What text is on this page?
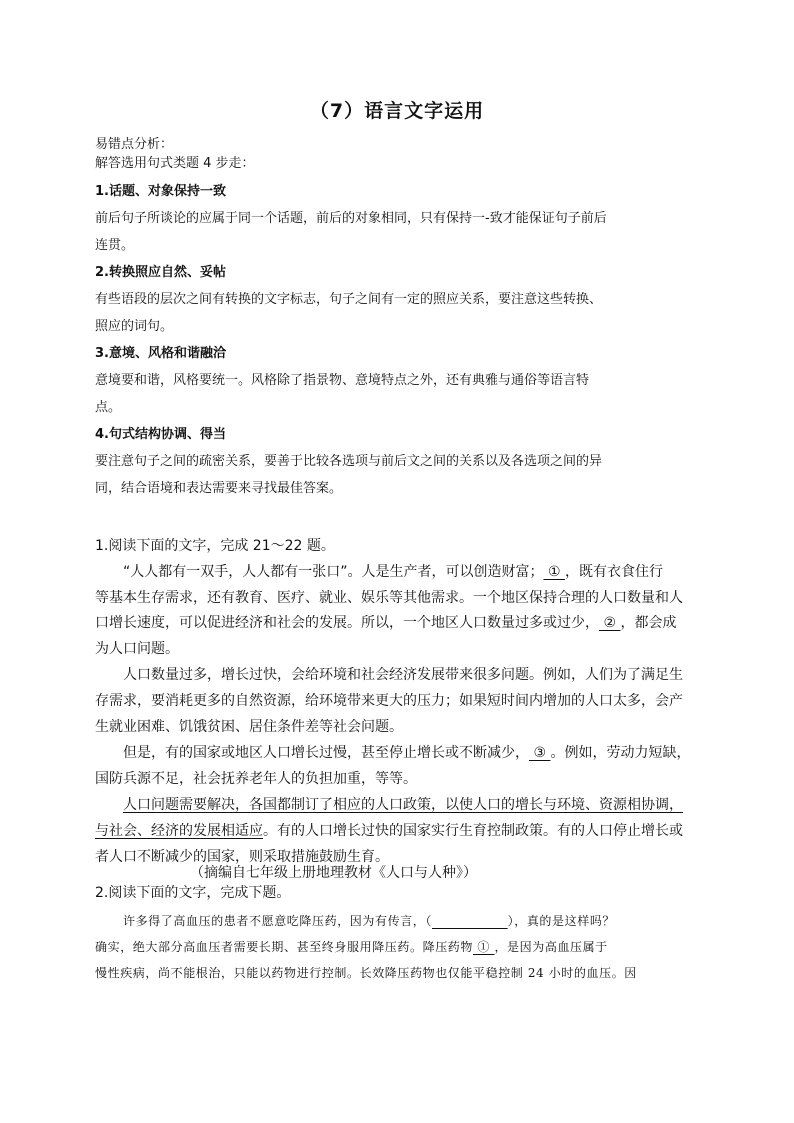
（7）语言文字运用
易错点分析：
解答选用句式类题 4 步走：
1.话题、对象保持一致
前后句子所谈论的应属于同一个话题，前后的对象相同，只有保持一-致才能保证句子前后
连贯。
2.转换照应自然、妥帖
有些语段的层次之间有转换的文字标志，句子之间有一定的照应关系，要注意这些转换、
照应的词句。
3.意境、风格和谐融洽
意境要和谐，风格要统一。风格除了指景物、意境特点之外，还有典雅与通俗等语言特
点。
4.句式结构协调、得当
要注意句子之间的疏密关系，要善于比较各选项与前后文之间的关系以及各选项之间的异
同，结合语境和表达需要来寻找最佳答案。
1.阅读下面的文字，完成 21～22 题。
　　“人人都有一双手，人人都有一张口”。人是生产者，可以创造财富； ① ，既有衣食住行
等基本生存需求，还有教育、医疗、就业、娱乐等其他需求。一个地区保持合理的人口数量和人
口增长速度，可以促进经济和社会的发展。所以，一个地区人口数量过多或过少， ② ，都会成
为人口问题。
　　人口数量过多，增长过快，会给环境和社会经济发展带来很多问题。例如，人们为了满足生
存需求，要消耗更多的自然资源，给环境带来更大的压力；如果短时间内增加的人口太多，会产
生就业困难、饥饿贫困、居住条件差等社会问题。
　　但是，有的国家或地区人口增长过慢，甚至停止增长或不断减少， ③ 。例如，劳动力短缺，
国防兵源不足，社会抚养老年人的负担加重，等等。
人口问题需要解决，各国都制订了相应的人口政策，以使人口的增长与环境、资源相协调，
与社会、经济的发展相适应。有的人口增长过快的国家实行生育控制政策。有的人口停止增长或
者人口不断减少的国家，则采取措施鼓励生育。
（摘编自七年级上册地理教材《人口与人种》）
2.阅读下面的文字，完成下题。
许多得了高血压的患者不愿意吃降压药，因为有传言，（　　　　　　	），真的是这样吗？
确实，绝大部分高血压者需要长期、甚至终身服用降压药。降压药物 ① ，是因为高血压属于
慢性疾病，尚不能根治，只能以药物进行控制。长效降压药物也仅能平稳控制 24 小时的血压。因
